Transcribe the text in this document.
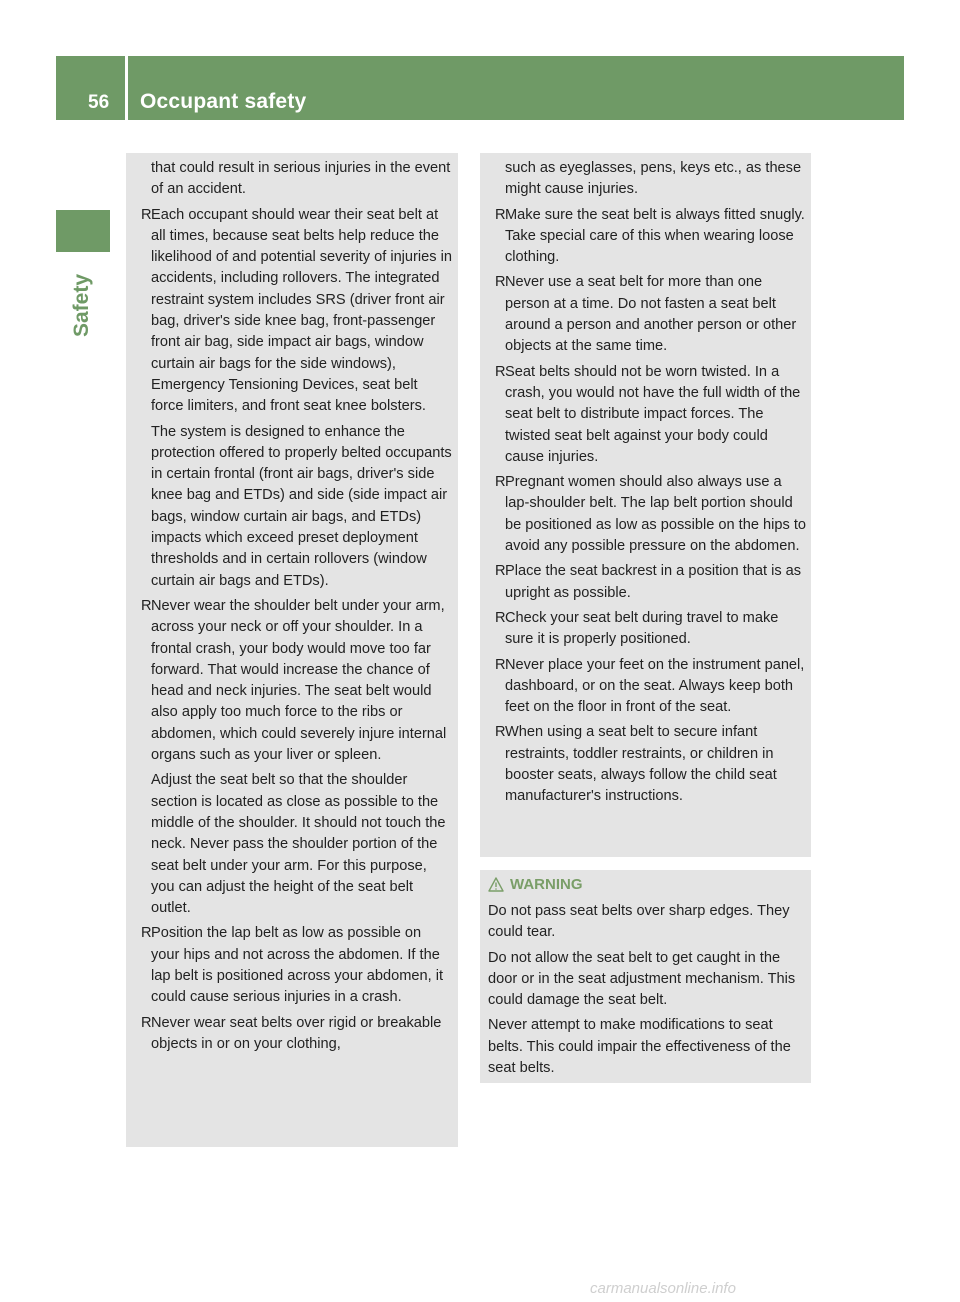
56 Occupant safety
Safety

that could result in serious injuries in the event of an accident.

R Each occupant should wear their seat belt at all times, because seat belts help reduce the likelihood of and potential severity of injuries in accidents, including rollovers. The integrated restraint system includes SRS (driver front air bag, driver's side knee bag, front-passenger front air bag, side impact air bags, window curtain air bags for the side windows), Emergency Tensioning Devices, seat belt force limiters, and front seat knee bolsters.

The system is designed to enhance the protection offered to properly belted occupants in certain frontal (front air bags, driver's side knee bag and ETDs) and side (side impact air bags, window curtain air bags, and ETDs) impacts which exceed preset deployment thresholds and in certain rollovers (window curtain air bags and ETDs).

R Never wear the shoulder belt under your arm, across your neck or off your shoulder. In a frontal crash, your body would move too far forward. That would increase the chance of head and neck injuries. The seat belt would also apply too much force to the ribs or abdomen, which could severely injure internal organs such as your liver or spleen.

Adjust the seat belt so that the shoulder section is located as close as possible to the middle of the shoulder. It should not touch the neck. Never pass the shoulder portion of the seat belt under your arm. For this purpose, you can adjust the height of the seat belt outlet.

R Position the lap belt as low as possible on your hips and not across the abdomen. If the lap belt is positioned across your abdomen, it could cause serious injuries in a crash.

R Never wear seat belts over rigid or breakable objects in or on your clothing,

such as eyeglasses, pens, keys etc., as these might cause injuries.

R Make sure the seat belt is always fitted snugly. Take special care of this when wearing loose clothing.

R Never use a seat belt for more than one person at a time. Do not fasten a seat belt around a person and another person or other objects at the same time.

R Seat belts should not be worn twisted. In a crash, you would not have the full width of the seat belt to distribute impact forces. The twisted seat belt against your body could cause injuries.

R Pregnant women should also always use a lap-shoulder belt. The lap belt portion should be positioned as low as possible on the hips to avoid any possible pressure on the abdomen.

R Place the seat backrest in a position that is as upright as possible.

R Check your seat belt during travel to make sure it is properly positioned.

R Never place your feet on the instrument panel, dashboard, or on the seat. Always keep both feet on the floor in front of the seat.

R When using a seat belt to secure infant restraints, toddler restraints, or children in booster seats, always follow the child seat manufacturer's instructions.

WARNING

Do not pass seat belts over sharp edges. They could tear.

Do not allow the seat belt to get caught in the door or in the seat adjustment mechanism. This could damage the seat belt.

Never attempt to make modifications to seat belts. This could impair the effectiveness of the seat belts.

carmanualsonline.info
